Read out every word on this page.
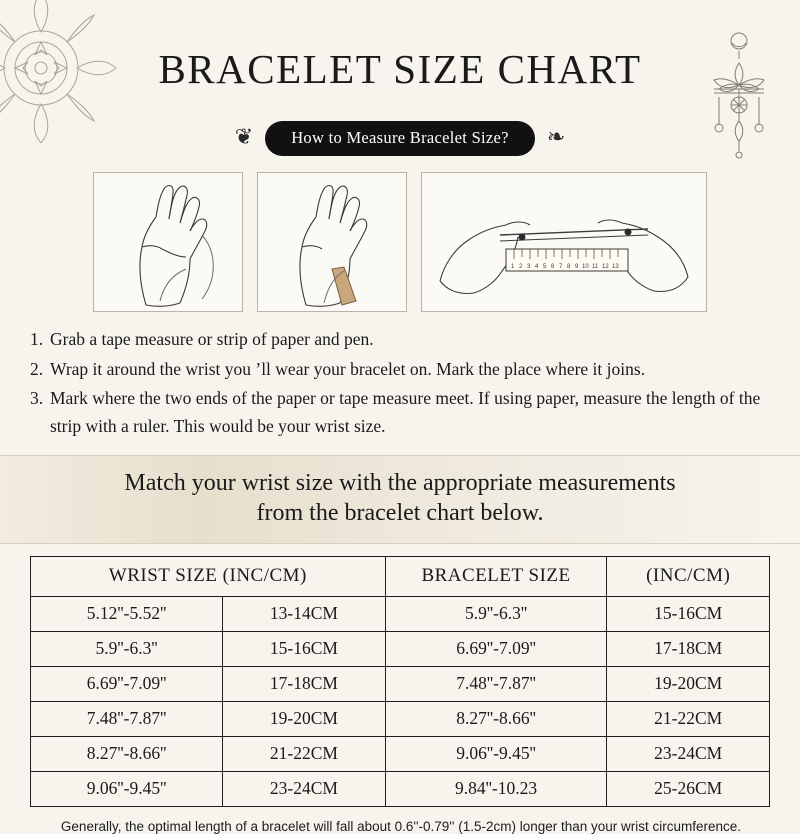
BRACELET SIZE CHART
❦	How to Measure Bracelet Size?	❧
1 2 3 4 5 6 7 8 9 10 11 12 13
1. Grab a tape measure or strip of paper and pen.
2. Wrap it around the wrist you ʼll wear your bracelet on. Mark the place where it joins.
3. Mark where the two ends of the paper or tape measure meet. If using paper, measure the length of the strip with a ruler. This would be your wrist size.
Match your wrist size with the appropriate measurements
from the bracelet chart below.
WRIST SIZE (INC/CM)		BRACELET SIZE	(INC/CM)
5.12''-5.52''	13-14CM	5.9''-6.3''	15-16CM
5.9''-6.3''	15-16CM	6.69''-7.09''	17-18CM
6.69''-7.09''	17-18CM	7.48''-7.87''	19-20CM
7.48''-7.87''	19-20CM	8.27''-8.66''	21-22CM
8.27''-8.66''	21-22CM	9.06''-9.45''	23-24CM
9.06''-9.45''	23-24CM	9.84''-10.23	25-26CM
Generally, the optimal length of a bracelet will fall about 0.6''-0.79'' (1.5-2cm) longer than your wrist circumference.
